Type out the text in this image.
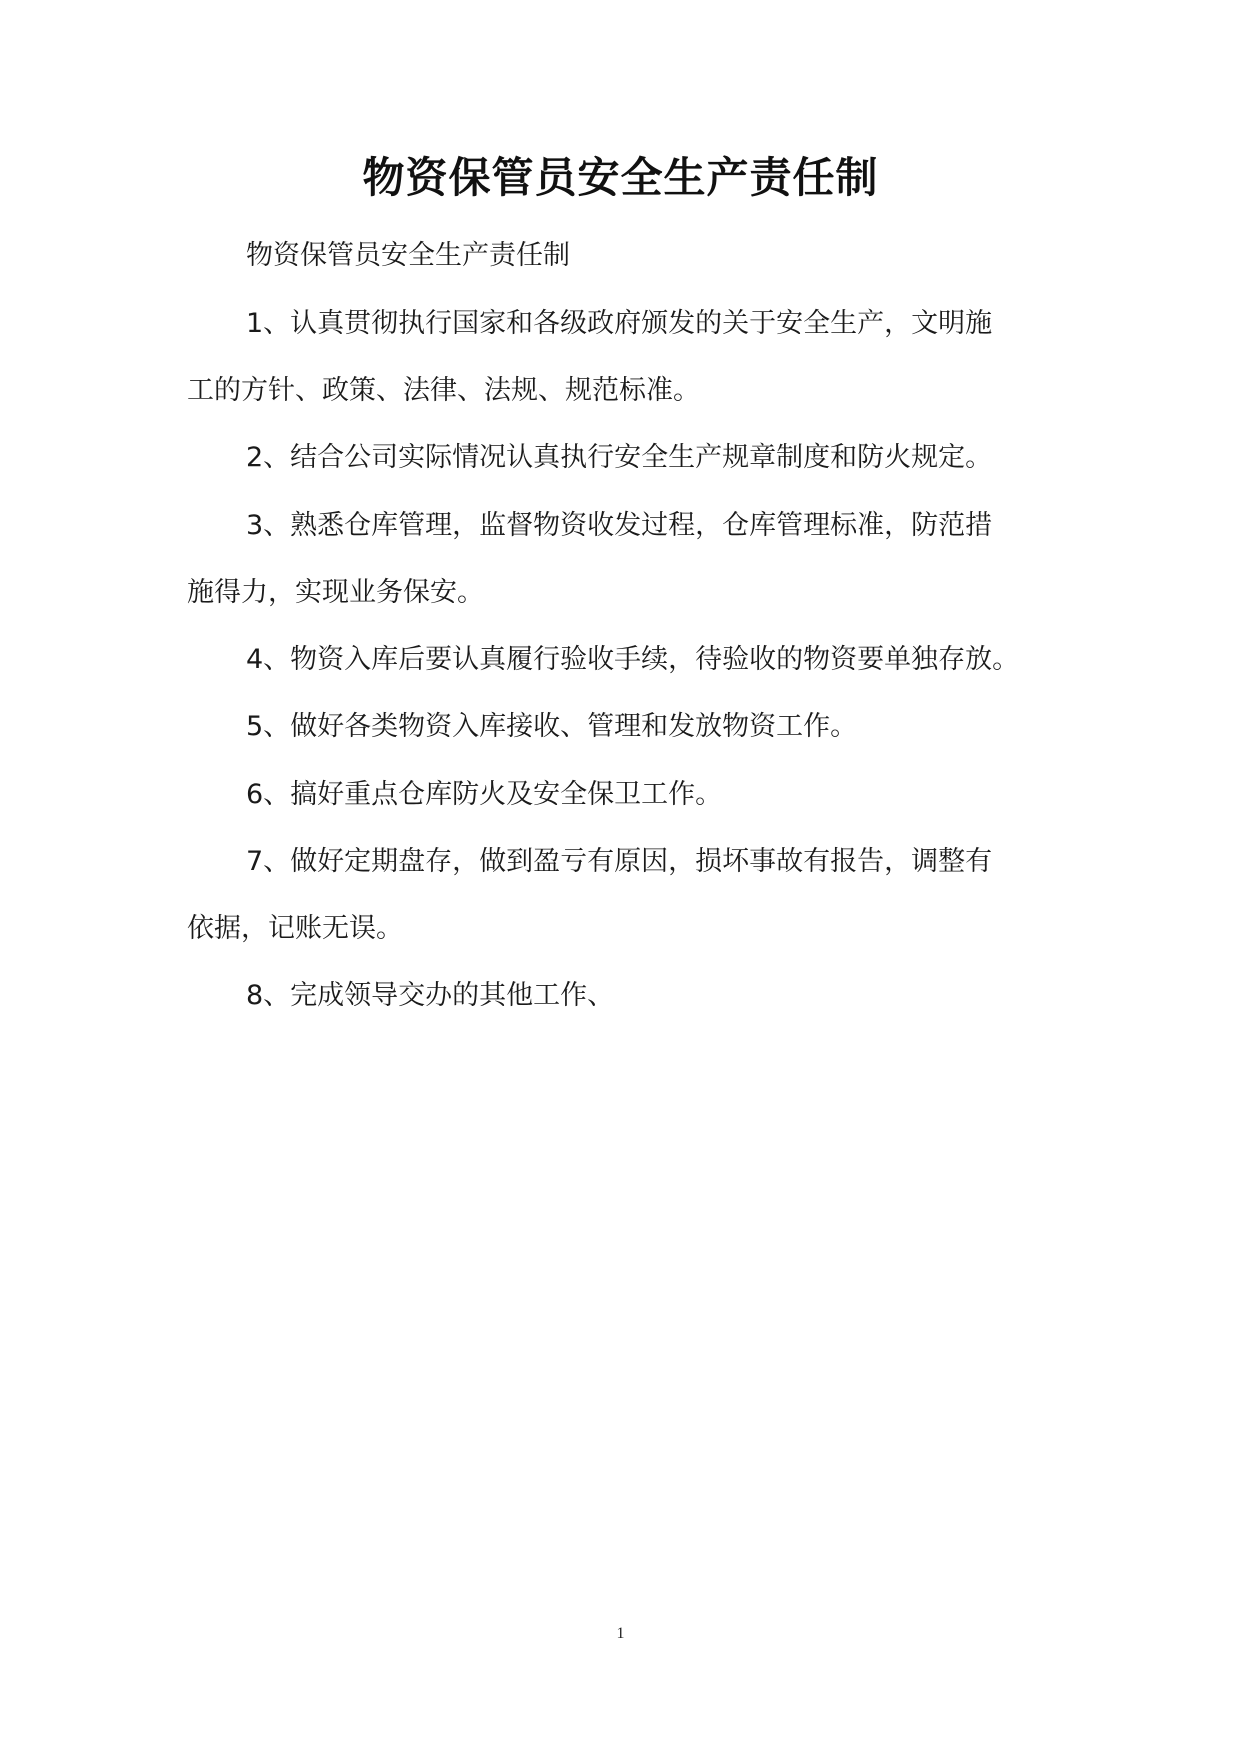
物资保管员安全生产责任制

物资保管员安全生产责任制

1、认真贯彻执行国家和各级政府颁发的关于安全生产，文明施

工的方针、政策、法律、法规、规范标准。

2、结合公司实际情况认真执行安全生产规章制度和防火规定。

3、熟悉仓库管理，监督物资收发过程，仓库管理标准，防范措

施得力，实现业务保安。

4、物资入库后要认真履行验收手续，待验收的物资要单独存放。

5、做好各类物资入库接收、管理和发放物资工作。

6、搞好重点仓库防火及安全保卫工作。

7、做好定期盘存，做到盈亏有原因，损坏事故有报告，调整有

依据，记账无误。

8、完成领导交办的其他工作、

1
